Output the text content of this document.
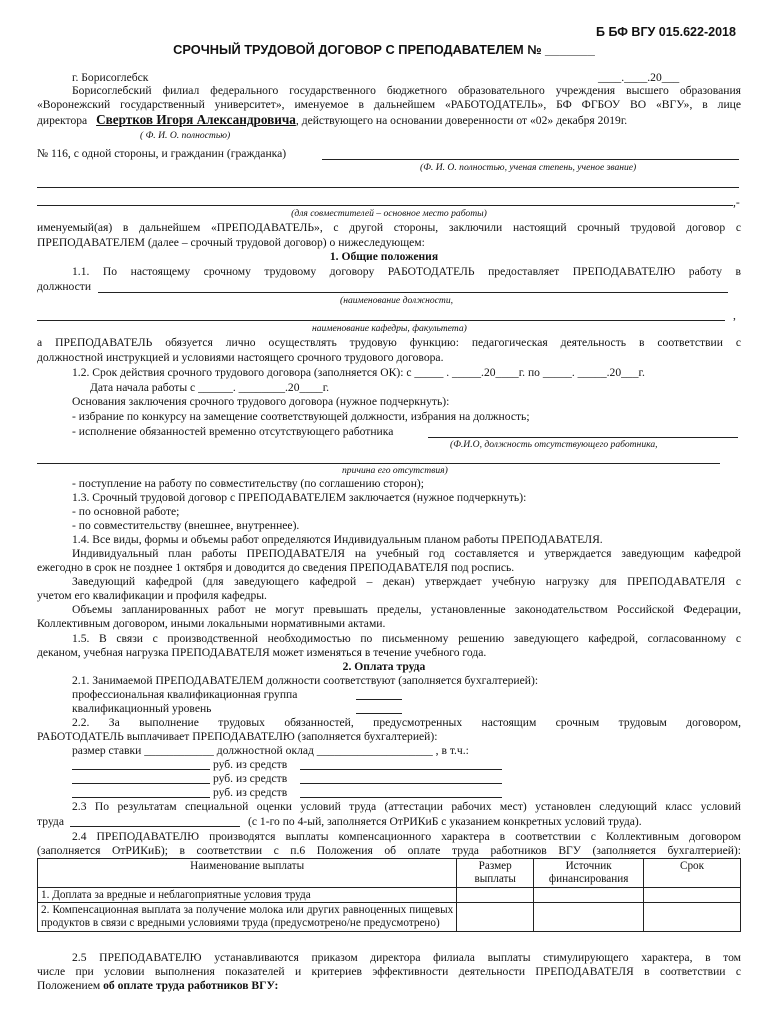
Б БФ ВГУ 015.622-2018
СРОЧНЫЙ ТРУДОВОЙ ДОГОВОР С ПРЕПОДАВАТЕЛЕМ № _______
г. Борисоглебск	____.____.20___
Борисоглебский филиал федерального государственного бюджетного образовательного учреждения высшего образования
«Воронежский государственный университет», именуемое в дальнейшем «РАБОТОДАТЕЛЬ», БФ ФГБОУ ВО «ВГУ», в лице
директора Свертков Игоря Александровича, действующего на основании доверенности от «02» декабря 2019г.
( Ф. И. О. полностью)
№ 116, с одной стороны, и гражданин (гражданка)
(Ф. И. О. полностью, ученая степень, ученое звание)
,-
(для совместителей – основное место работы)
именуемый(ая) в дальнейшем «ПРЕПОДАВАТЕЛЬ», с другой стороны, заключили настоящий срочный трудовой договор с
ПРЕПОДАВАТЕЛЕМ (далее – срочный трудовой договор) о нижеследующем:
1. Общие положения
1.1. По настоящему срочному трудовому договору РАБОТОДАТЕЛЬ предоставляет ПРЕПОДАВАТЕЛЮ работу в
должности
(наименование должности,
,
наименование кафедры, факультета)
а ПРЕПОДАВАТЕЛЬ обязуется лично осуществлять трудовую функцию: педагогическая деятельность в соответствии с
должностной инструкцией и условиями настоящего срочного трудового договора.
1.2. Срок действия срочного трудового договора (заполняется ОК): с _____ . _____.20____г. по _____. _____.20___г.
Дата начала работы с ______. ________.20____г.
Основания заключения срочного трудового договора (нужное подчеркнуть):
- избрание по конкурсу на замещение соответствующей должности, избрания на должность;
- исполнение обязанностей временно отсутствующего работника
(Ф.И.О, должность отсутствующего работника,
причина его отсутствия)
- поступление на работу по совместительству (по соглашению сторон);
1.3. Срочный трудовой договор с ПРЕПОДАВАТЕЛЕМ заключается (нужное подчеркнуть):
- по основной работе;
- по совместительству (внешнее, внутреннее).
1.4. Все виды, формы и объемы работ определяются Индивидуальным планом работы ПРЕПОДАВАТЕЛЯ.
Индивидуальный план работы ПРЕПОДАВАТЕЛЯ на учебный год составляется и утверждается заведующим кафедрой
ежегодно в срок не позднее 1 октября и доводится до сведения ПРЕПОДАВАТЕЛЯ под роспись.
Заведующий кафедрой (для заведующего кафедрой – декан) утверждает учебную нагрузку для ПРЕПОДАВАТЕЛЯ с
учетом его квалификации и профиля кафедры.
Объемы запланированных работ не могут превышать пределы, установленные законодательством Российской Федерации,
Коллективным договором, иными локальными нормативными актами.
1.5. В связи с производственной необходимостью по письменному решению заведующего кафедрой, согласованному с
деканом, учебная нагрузка ПРЕПОДАВАТЕЛЯ может изменяться в течение учебного года.
2. Оплата труда
2.1. Занимаемой ПРЕПОДАВАТЕЛЕМ должности соответствуют (заполняется бухгалтерией):
профессиональная квалификационная группа
квалификационный уровень
2.2. За выполнение трудовых обязанностей, предусмотренных настоящим срочным трудовым договором,
РАБОТОДАТЕЛЬ выплачивает ПРЕПОДАВАТЕЛЮ (заполняется бухгалтерией):
размер ставки ____________ должностной оклад ____________________ , в т.ч.:
руб. из средств
руб. из средств
руб. из средств
2.3 По результатам специальной оценки условий труда (аттестации рабочих мест) установлен следующий класс условий
труда	(с 1-го по 4-ый, заполняется ОтРИКиБ с указанием конкретных условий труда).
2.4 ПРЕПОДАВАТЕЛЮ производятся выплаты компенсационного характера в соответствии с Коллективным договором
(заполняется ОтРИКиБ); в соответствии с п.6 Положения об оплате труда работников ВГУ (заполняется бухгалтерией):
Наименование выплаты	Размер выплаты	Источник финансирования	Срок
1. Доплата за вредные и неблагоприятные условия труда			
2. Компенсационная выплата за получение молока или других равноценных пищевых продуктов в связи с вредными условиями труда (предусмотрено/не предусмотрено)			
2.5 ПРЕПОДАВАТЕЛЮ устанавливаются приказом директора филиала выплаты стимулирующего характера, в том
числе при условии выполнения показателей и критериев эффективности деятельности ПРЕПОДАВАТЕЛЯ в соответствии с
Положением об оплате труда работников ВГУ:
